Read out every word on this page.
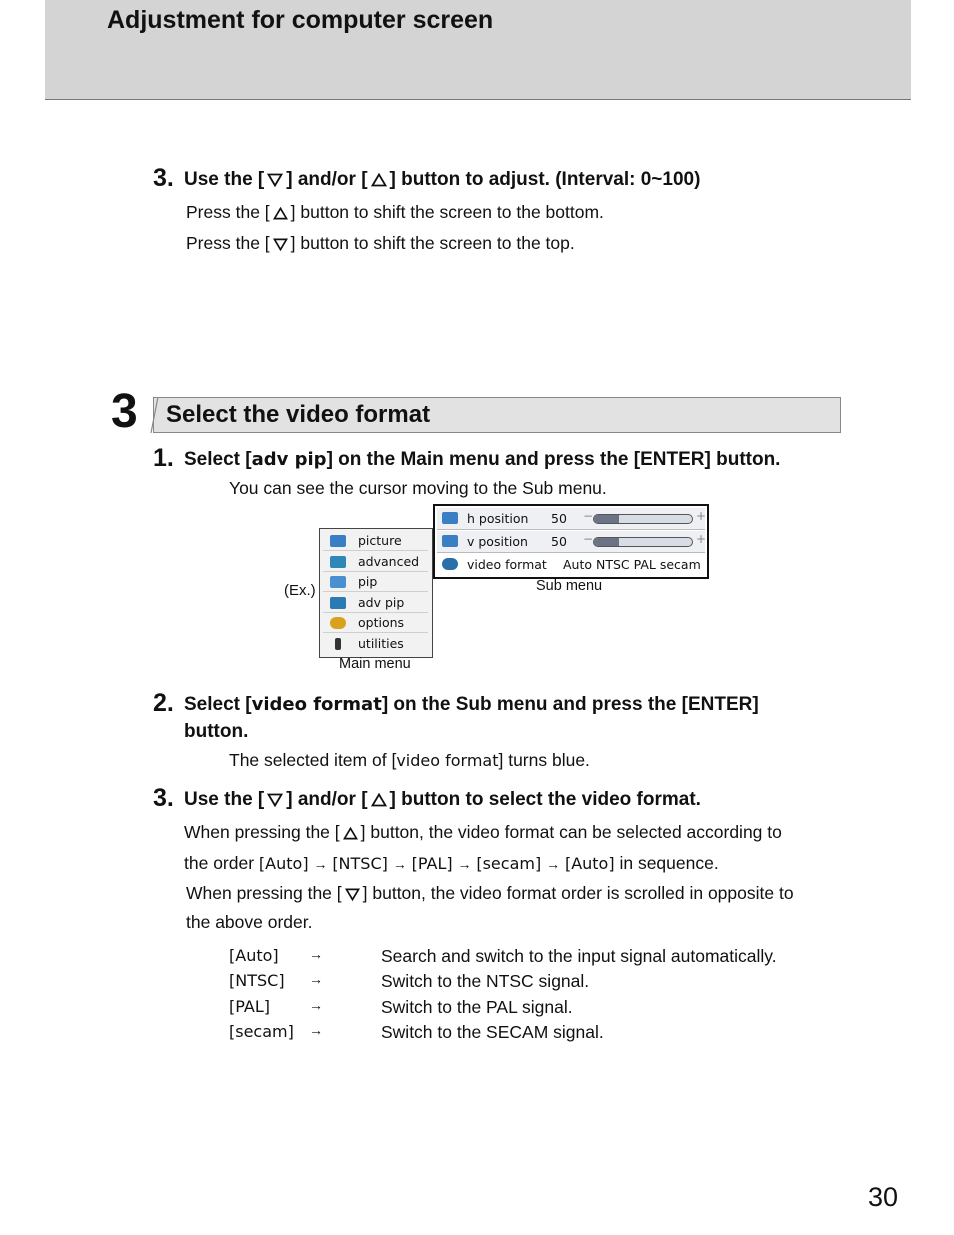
Adjustment for computer screen
3. Use the [ ] and/or [ ] button to adjust. (Interval: 0~100)
Press the [ ] button to shift the screen to the bottom.
Press the [ ] button to shift the screen to the top.
3 Select the video format
1. Select [adv pip] on the Main menu and press the [ENTER] button.
You can see the cursor moving to the Sub menu.
(Ex.)
picture
advanced
pip
adv pip
options
utilities
Main menu
h position 50 −	+
v position 50 −	+
video format Auto NTSC PAL secam
Sub menu
2. Select [video format] on the Sub menu and press the [ENTER]
button.
The selected item of [video format] turns blue.
3. Use the [ ] and/or [ ] button to select the video format.
When pressing the [ ] button, the video format can be selected according to
the order [Auto] → [NTSC] → [PAL] → [secam] → [Auto] in sequence.
When pressing the [ ] button, the video format order is scrolled in opposite to
the above order.
[Auto] →	Search and switch to the input signal automatically.
[NTSC] →	Switch to the NTSC signal.
[PAL]	→	Switch to the PAL signal.
[secam] →	Switch to the SECAM signal.
30
